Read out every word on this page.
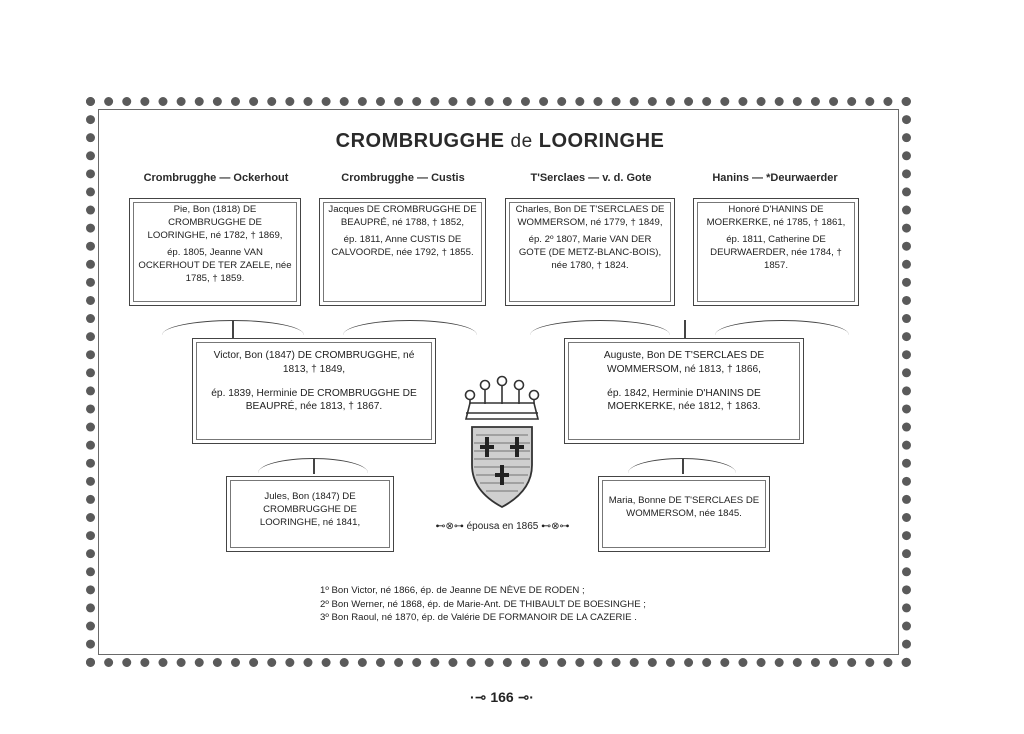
CROMBRUGGHE de LOORINGHE
Crombrugghe — Ockerhout	Crombrugghe — Custis	T'Serclaes — v. d. Gote	Hanins — *Deurwaerder

Pie, Bon (1818) DE CROMBRUGGHE DE LOORINGHE, né 1782, † 1869,

ép. 1805, Jeanne VAN OCKERHOUT DE TER ZAELE, née 1785, † 1859.

Jacques DE CROMBRUGGHE DE BEAUPRÉ, né 1788, † 1852,

ép. 1811, Anne CUSTIS DE CALVOORDE, née 1792, † 1855.

Charles, Bon DE T'SERCLAES DE WOMMERSOM, né 1779, † 1849,

ép. 2º 1807, Marie VAN DER GOTE (DE METZ-BLANC-BOIS), née 1780, † 1824.

Honoré D'HANINS DE MOERKERKE, né 1785, † 1861,

ép. 1811, Catherine DE DEURWAERDER, née 1784, † 1857.

Victor, Bon (1847) DE CROMBRUGGHE, né 1813, † 1849,

ép. 1839, Herminie DE CROMBRUGGHE DE BEAUPRÉ, née 1813, † 1867.

Auguste, Bon DE T'SERCLAES DE WOMMERSOM, né 1813, † 1866,

ép. 1842, Herminie D'HANINS DE MOERKERKE, née 1812, † 1863.

Jules, Bon (1847) DE CROMBRUGGHE DE LOORINGHE, né 1841,

Maria, Bonne DE T'SERCLAES DE WOMMERSOM, née 1845.

⊷⊗⊶ épousa en 1865 ⊷⊗⊶
1º Bon Victor, né 1866, ép. de Jeanne DE NÈVE DE RODEN ;
2º Bon Werner, né 1868, ép. de Marie-Ant. DE THIBAULT DE BOESINGHE ;
3º Bon Raoul, né 1870, ép. de Valérie DE FORMANOIR DE LA CAZERIE .
·⊸ 166 ⊸·
